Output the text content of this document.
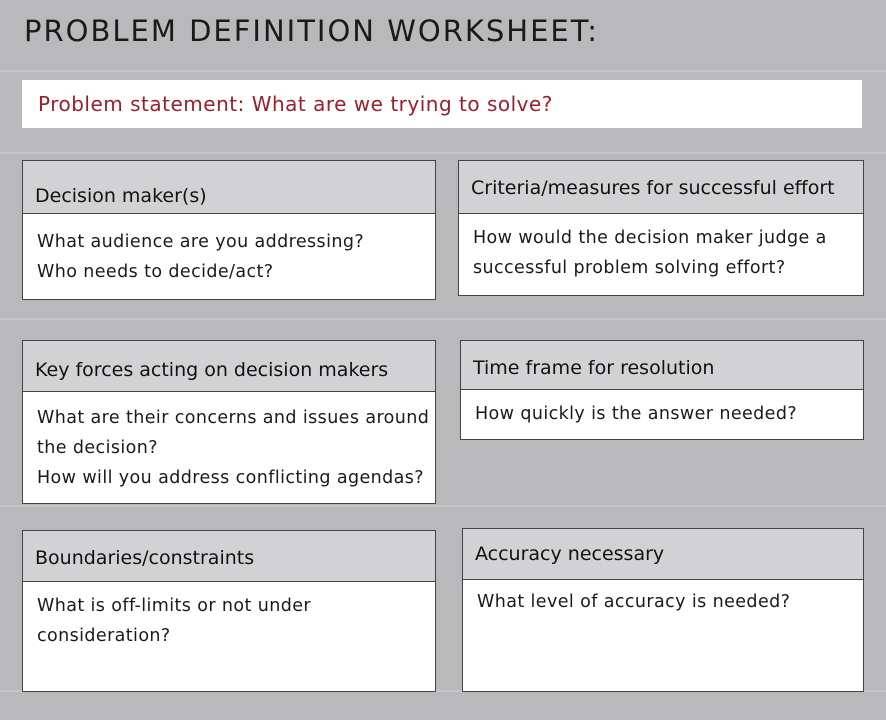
PROBLEM DEFINITION WORKSHEET:
Problem statement: What are we trying to solve?
Decision maker(s)
What audience are you addressing?
Who needs to decide/act?
Criteria/measures for successful effort
How would the decision maker judge a
successful problem solving effort?
Key forces acting on decision makers
What are their concerns and issues around
the decision?
How will you address conflicting agendas?
Time frame for resolution
How quickly is the answer needed?
Boundaries/constraints
What is off-limits or not under
consideration?
Accuracy necessary
What level of accuracy is needed?
